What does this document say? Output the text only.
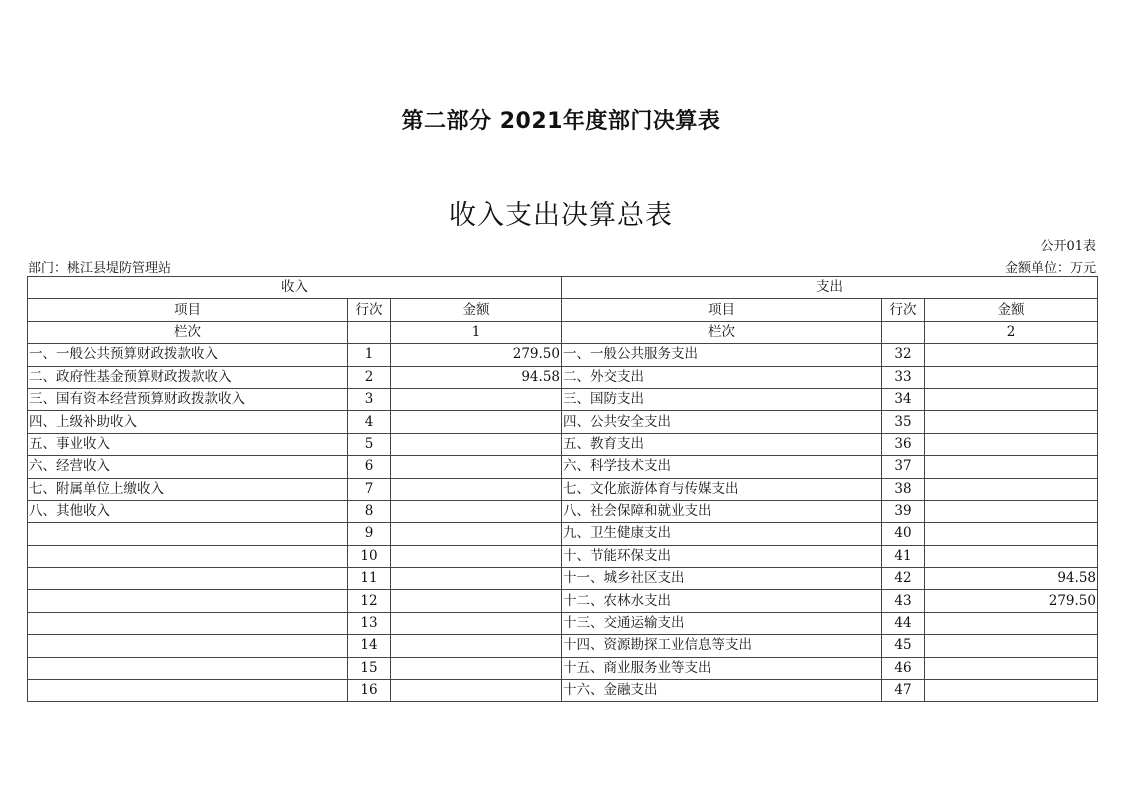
第二部分 2021年度部门决算表
收入支出决算总表
公开01表
部门：桃江县堤防管理站	金额单位：万元
收入			支出		
项目	行次	金额	项目	行次	金额
栏次		1	栏次		2
一、一般公共预算财政拨款收入	1	279.50	一、一般公共服务支出	32	
二、政府性基金预算财政拨款收入	2	94.58	二、外交支出	33	
三、国有资本经营预算财政拨款收入	3		三、国防支出	34	
四、上级补助收入	4		四、公共安全支出	35	
五、事业收入	5		五、教育支出	36	
六、经营收入	6		六、科学技术支出	37	
七、附属单位上缴收入	7		七、文化旅游体育与传媒支出	38	
八、其他收入	8		八、社会保障和就业支出	39	
	9		九、卫生健康支出	40	
	10		十、节能环保支出	41	
	11		十一、城乡社区支出	42	94.58
	12		十二、农林水支出	43	279.50
	13		十三、交通运输支出	44	
	14		十四、资源勘探工业信息等支出	45	
	15		十五、商业服务业等支出	46	
	16		十六、金融支出	47	
